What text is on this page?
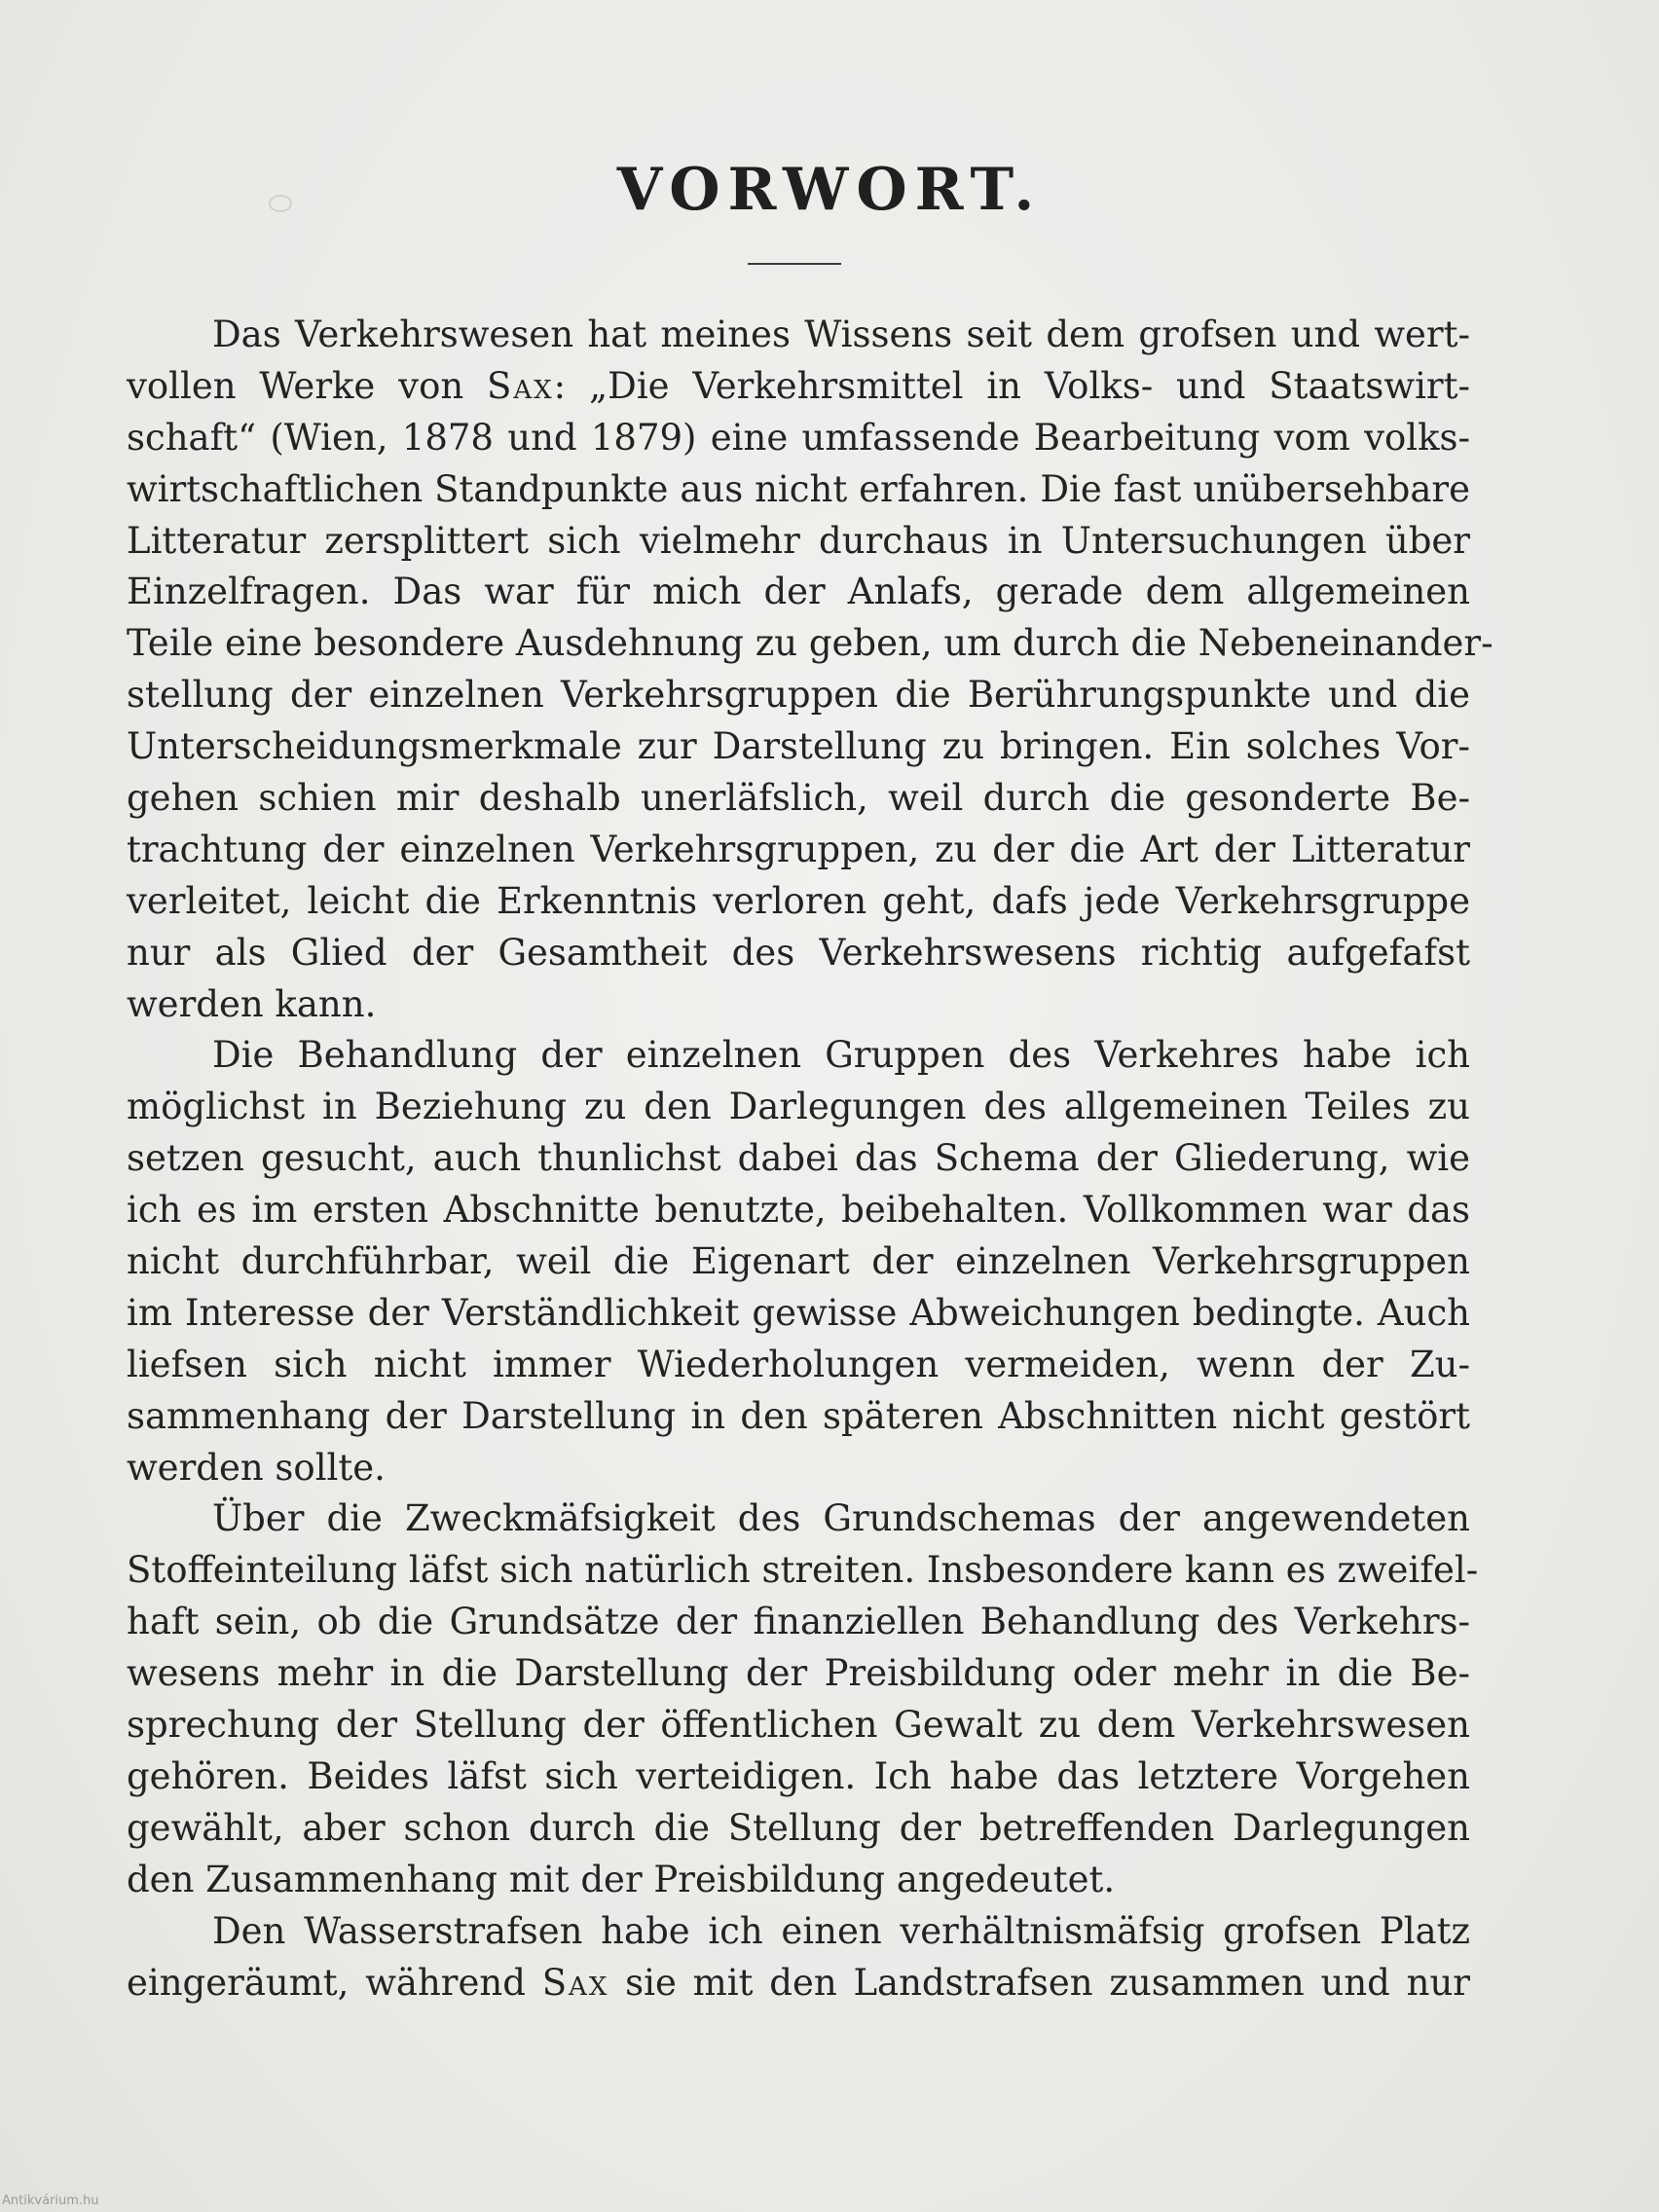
VORWORT.
Das Verkehrswesen hat meines Wissens seit dem grofsen und wert-
vollen Werke von Sax: „Die Verkehrsmittel in Volks- und Staatswirt-
schaft“ (Wien, 1878 und 1879) eine umfassende Bearbeitung vom volks-
wirtschaftlichen Standpunkte aus nicht erfahren. Die fast unübersehbare
Litteratur zersplittert sich vielmehr durchaus in Untersuchungen über
Einzelfragen. Das war für mich der Anlafs, gerade dem allgemeinen
Teile eine besondere Ausdehnung zu geben, um durch die Nebeneinander-
stellung der einzelnen Verkehrsgruppen die Berührungspunkte und die
Unterscheidungsmerkmale zur Darstellung zu bringen. Ein solches Vor-
gehen schien mir deshalb unerläfslich, weil durch die gesonderte Be-
trachtung der einzelnen Verkehrsgruppen, zu der die Art der Litteratur
verleitet, leicht die Erkenntnis verloren geht, dafs jede Verkehrsgruppe
nur als Glied der Gesamtheit des Verkehrswesens richtig aufgefafst
werden kann.
Die Behandlung der einzelnen Gruppen des Verkehres habe ich
möglichst in Beziehung zu den Darlegungen des allgemeinen Teiles zu
setzen gesucht, auch thunlichst dabei das Schema der Gliederung, wie
ich es im ersten Abschnitte benutzte, beibehalten. Vollkommen war das
nicht durchführbar, weil die Eigenart der einzelnen Verkehrsgruppen
im Interesse der Verständlichkeit gewisse Abweichungen bedingte. Auch
liefsen sich nicht immer Wiederholungen vermeiden, wenn der Zu-
sammenhang der Darstellung in den späteren Abschnitten nicht gestört
werden sollte.
Über die Zweckmäfsigkeit des Grundschemas der angewendeten
Stoffeinteilung läfst sich natürlich streiten. Insbesondere kann es zweifel-
haft sein, ob die Grundsätze der finanziellen Behandlung des Verkehrs-
wesens mehr in die Darstellung der Preisbildung oder mehr in die Be-
sprechung der Stellung der öffentlichen Gewalt zu dem Verkehrswesen
gehören. Beides läfst sich verteidigen. Ich habe das letztere Vorgehen
gewählt, aber schon durch die Stellung der betreffenden Darlegungen
den Zusammenhang mit der Preisbildung angedeutet.
Den Wasserstrafsen habe ich einen verhältnismäfsig grofsen Platz
eingeräumt, während Sax sie mit den Landstrafsen zusammen und nur
Antikvárium.hu
